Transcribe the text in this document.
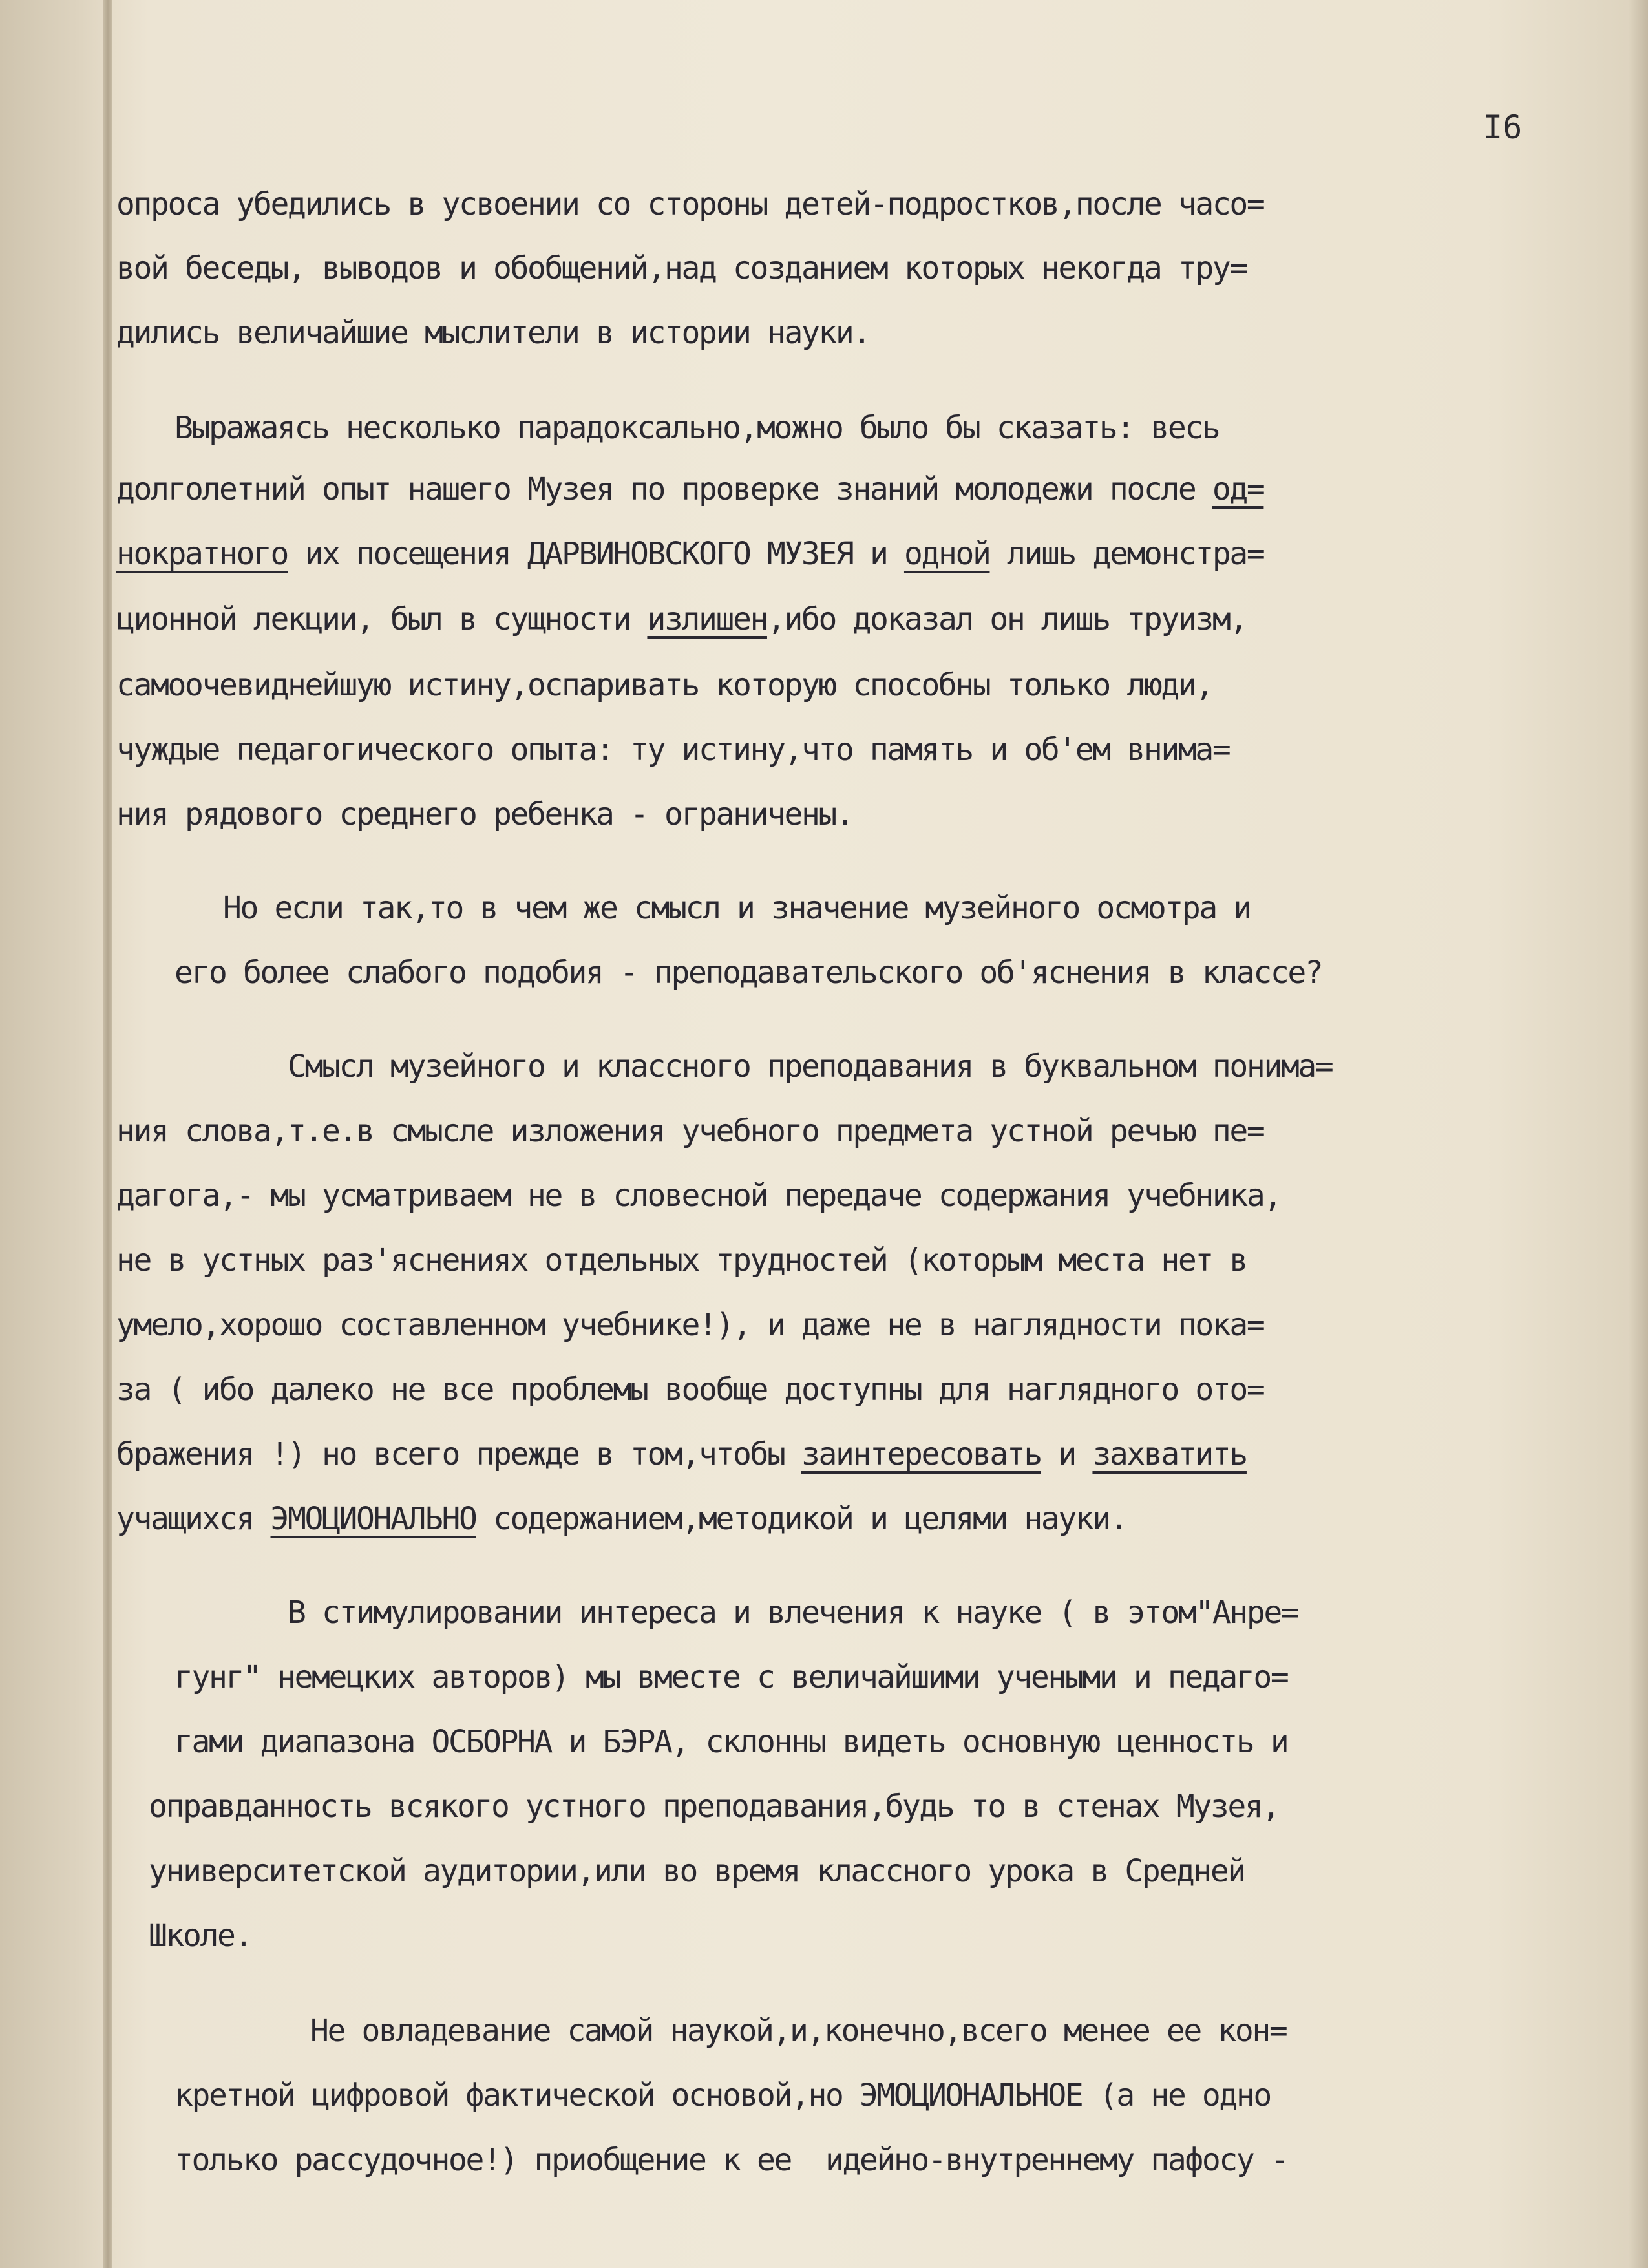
I6
опроса убедились в усвоении со стороны детей-подростков,после часо=
вой беседы, выводов и обобщений,над созданием которых некогда тру=
дились величайшие мыслители в истории науки.
Выражаясь несколько парадоксально,можно было бы сказать: весь
долголетний опыт нашего Музея по проверке знаний молодежи после од=
нократного их посещения ДАРВИНОВСКОГО МУЗЕЯ и одной лишь демонстра=
ционной лекции, был в сущности излишен,ибо доказал он лишь труизм,
самоочевиднейшую истину,оспаривать которую способны только люди,
чуждые педагогического опыта: ту истину,что память и об'ем внима=
ния рядового среднего ребенка - ограничены.
Но если так,то в чем же смысл и значение музейного осмотра и
его более слабого подобия - преподавательского об'яснения в классе?
Смысл музейного и классного преподавания в буквальном понима=
ния слова,т.е.в смысле изложения учебного предмета устной речью пе=
дагога,- мы усматриваем не в словесной передаче содержания учебника,
не в устных раз'яснениях отдельных трудностей (которым места нет в
умело,хорошо составленном учебнике!), и даже не в наглядности пока=
за ( ибо далеко не все проблемы вообще доступны для наглядного ото=
бражения !) но всего прежде в том,чтобы заинтересовать и захватить
учащихся ЭМОЦИОНАЛЬНО содержанием,методикой и целями науки.
В стимулировании интереса и влечения к науке ( в этом"Анре=
гунг" немецких авторов) мы вместе с величайшими учеными и педаго=
гами диапазона ОСБОРНА и БЭРА, склонны видеть основную ценность и
оправданность всякого устного преподавания,будь то в стенах Музея,
университетской аудитории,или во время классного урока в Средней
Школе.
Не овладевание самой наукой,и,конечно,всего менее ее кон=
кретной цифровой фактической основой,но ЭМОЦИОНАЛЬНОЕ (а не одно
только рассудочное!) приобщение к ее  идейно-внутреннему пафосу -
